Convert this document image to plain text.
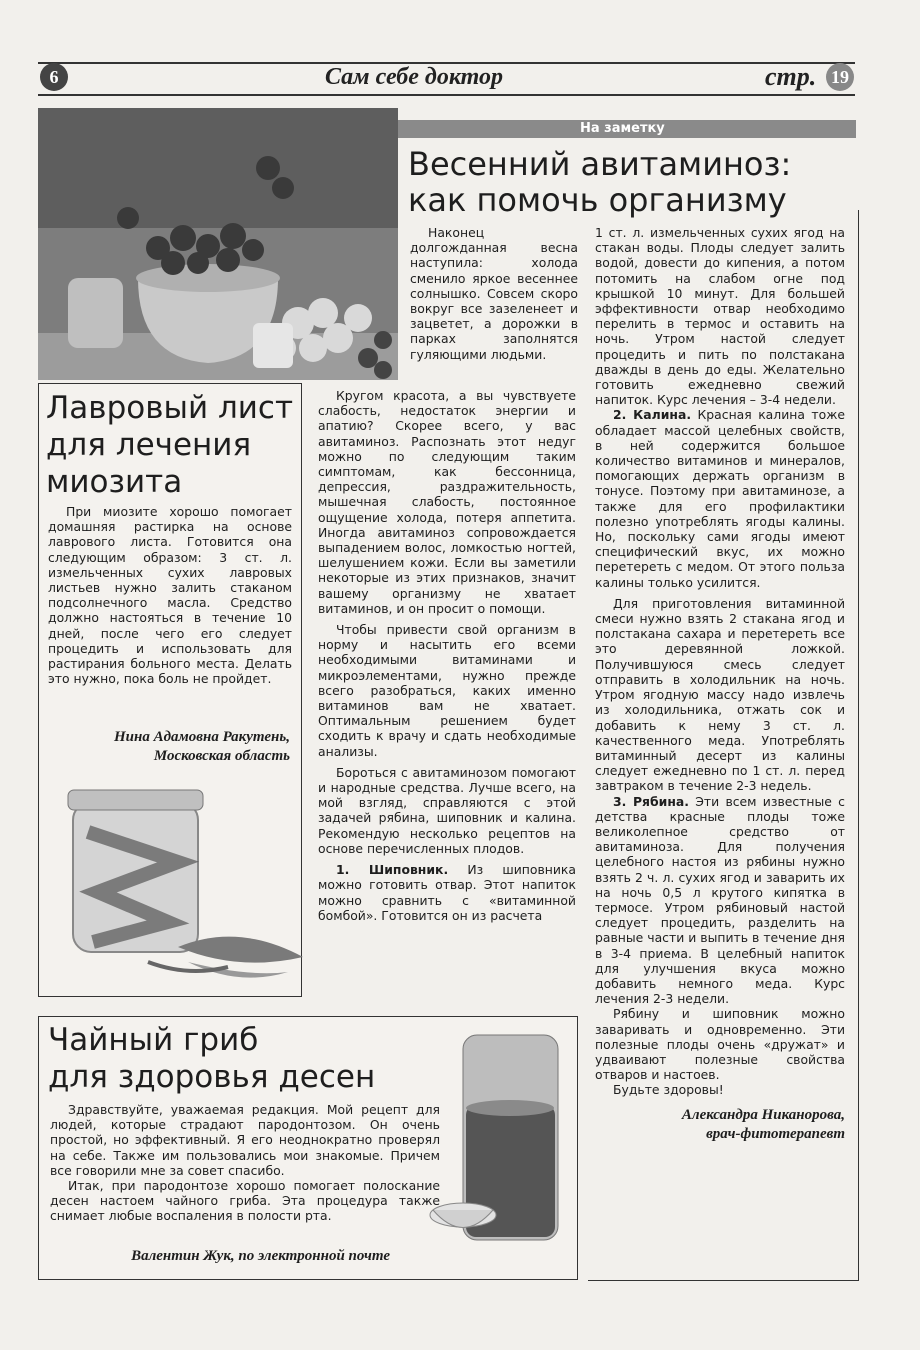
6	Сам себе доктор	стр. 19
На заметку
Весенний авитаминоз:
как помочь организму

Наконец долгожданная весна наступила: холода сменило яркое весеннее солнышко. Совсем скоро вокруг все зазеленеет и зацветет, а дорожки в парках заполнятся гуляющими людьми.

Кругом красота, а вы чувствуете слабость, недостаток энергии и апатию? Скорее всего, у вас авитаминоз. Распознать этот недуг можно по следующим таким симптомам, как бессонница, депрессия, раздражительность, мышечная слабость, постоянное ощущение холода, потеря аппетита. Иногда авитаминоз сопровождается выпадением волос, ломкостью ногтей, шелушением кожи. Если вы заметили некоторые из этих признаков, значит вашему организму не хватает витаминов, и он просит о помощи.

Чтобы привести свой организм в норму и насытить его всеми необходимыми витаминами и микроэлементами, нужно прежде всего разобраться, каких именно витаминов вам не хватает. Оптимальным решением будет сходить к врачу и сдать необходимые анализы.

Бороться с авитаминозом помогают и народные средства. Лучше всего, на мой взгляд, справляются с этой задачей рябина, шиповник и калина. Рекомендую несколько рецептов на основе перечисленных плодов.

1. Шиповник. Из шиповника можно готовить отвар. Этот напиток можно сравнить с «витаминной бомбой». Готовится он из расчета

1 ст. л. измельченных сухих ягод на стакан воды. Плоды следует залить водой, довести до кипения, а потом потомить на слабом огне под крышкой 10 минут. Для большей эффективности отвар необходимо перелить в термос и оставить на ночь. Утром настой следует процедить и пить по полстакана дважды в день до еды. Желательно готовить ежедневно свежий напиток. Курс лечения – 3-4 недели.

2. Калина. Красная калина тоже обладает массой целебных свойств, в ней содержится большое количество витаминов и минералов, помогающих держать организм в тонусе. Поэтому при авитаминозе, а также для его профилактики полезно употреблять ягоды калины. Но, поскольку сами ягоды имеют специфический вкус, их можно перетереть с медом. От этого польза калины только усилится.

Для приготовления витаминной смеси нужно взять 2 стакана ягод и полстакана сахара и перетереть все это деревянной ложкой. Получившуюся смесь следует отправить в холодильник на ночь. Утром ягодную массу надо извлечь из холодильника, отжать сок и добавить к нему 3 ст. л. качественного меда. Употреблять витаминный десерт из калины следует ежедневно по 1 ст. л. перед завтраком в течение 2-3 недель.

3. Рябина. Эти всем известные с детства красные плоды тоже великолепное средство от авитаминоза. Для получения целебного настоя из рябины нужно взять 2 ч. л. сухих ягод и заварить их на ночь 0,5 л крутого кипятка в термосе. Утром рябиновый настой следует процедить, разделить на равные части и выпить в течение дня в 3-4 приема. В целебный напиток для улучшения вкуса можно добавить немного меда. Курс лечения 2-3 недели.

Рябину и шиповник можно заваривать и одновременно. Эти полезные плоды очень «дружат» и удваивают полезные свойства отваров и настоев.

Будьте здоровы!

Александра Никанорова,
врач-фитотерапевт
Лавровый лист
для лечения
миозита

При миозите хорошо помогает домашняя растирка на основе лаврового листа. Готовится она следующим образом: 3 ст. л. измельченных сухих лавровых листьев нужно залить стаканом подсолнечного масла. Средство должно настояться в течение 10 дней, после чего его следует процедить и использовать для растирания больного места. Делать это нужно, пока боль не пройдет.

Нина Адамовна Ракутень,
Московская область
Чайный гриб
для здоровья десен

Здравствуйте, уважаемая редакция. Мой рецепт для людей, которые страдают пародонтозом. Он очень простой, но эффективный. Я его неоднократно проверял на себе. Также им пользовались мои знакомые. Причем все говорили мне за совет спасибо.

Итак, при пародонтозе хорошо помогает полоскание десен настоем чайного гриба. Эта процедура также снимает любые воспаления в полости рта.

Валентин Жук, по электронной почте
